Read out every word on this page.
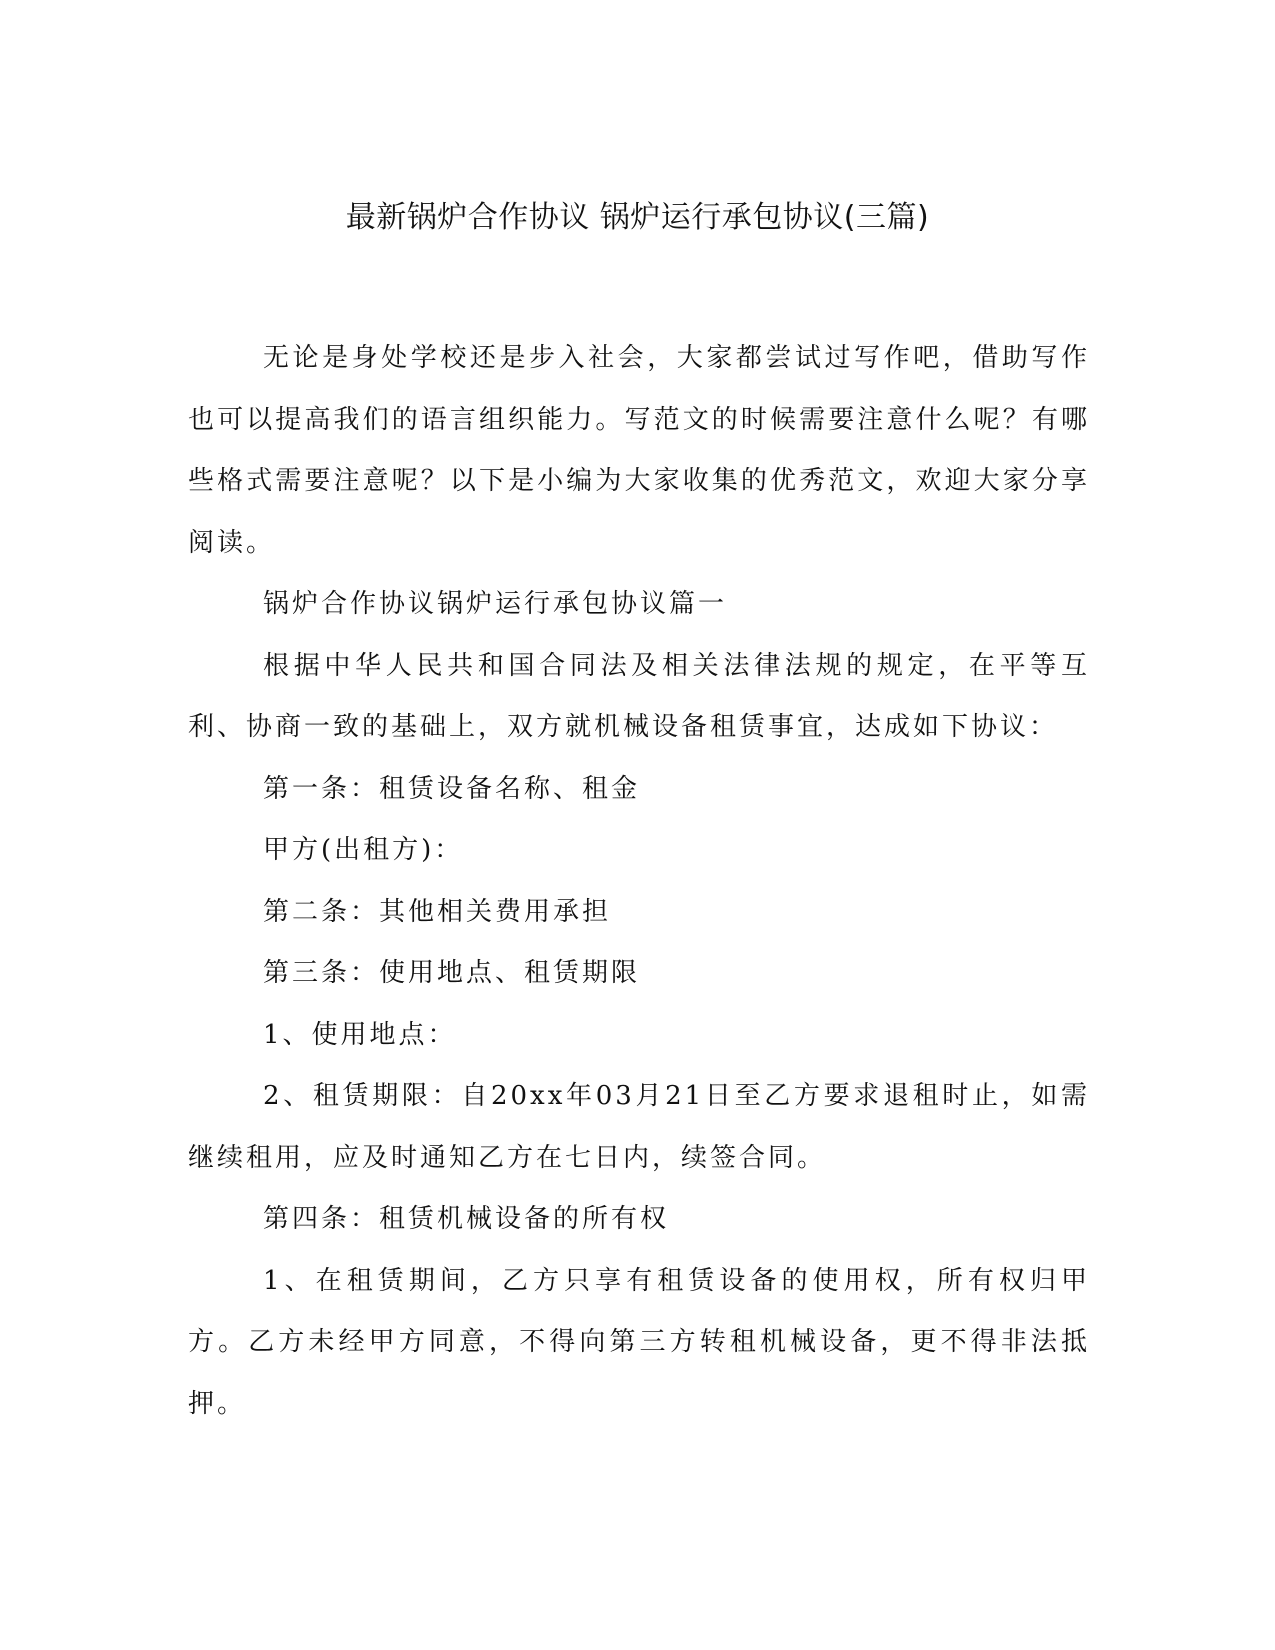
最新锅炉合作协议 锅炉运行承包协议(三篇)

无论是身处学校还是步入社会，大家都尝试过写作吧，借助写作也可以提高我们的语言组织能力。写范文的时候需要注意什么呢？有哪些格式需要注意呢？以下是小编为大家收集的优秀范文，欢迎大家分享阅读。

锅炉合作协议锅炉运行承包协议篇一

根据中华人民共和国合同法及相关法律法规的规定，在平等互利、协商一致的基础上，双方就机械设备租赁事宜，达成如下协议：

第一条：租赁设备名称、租金

甲方(出租方)：

第二条：其他相关费用承担

第三条：使用地点、租赁期限

1、使用地点：

2、租赁期限：自20xx年03月21日至乙方要求退租时止，如需继续租用，应及时通知乙方在七日内，续签合同。

第四条：租赁机械设备的所有权

1、在租赁期间，乙方只享有租赁设备的使用权，所有权归甲方。乙方未经甲方同意，不得向第三方转租机械设备，更不得非法抵押。
